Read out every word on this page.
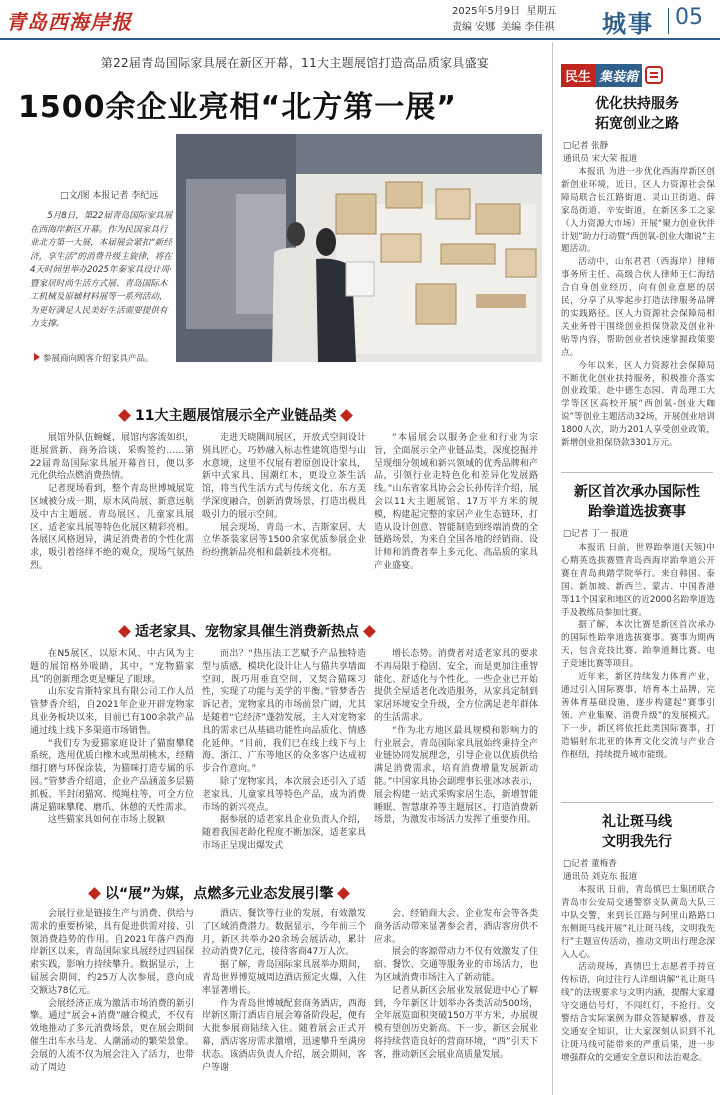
青岛西海岸报	2025年5月9日 星期五
责编 安娜 美编 李佳祺 城事 05
第22届青岛国际家具展在新区开幕，11大主题展馆打造高品质家具盛宴
1500余企业亮相“北方第一展”
□文/图 本报记者 李纪远
5月8日，第22届青岛国际家具展在西海岸新区开幕。作为民国家具行业北方第一大展，本届展会紧扣“新经济，享生活”的消费升级主旋律，将在4天时间里举办2025年秦家具设计周·暨家居时尚生活方式展、青岛国际木工机械及原辅材料展等一系列活动，为更好满足人民美好生活需要提供有力支撑。
参展商向顾客介绍家具产品。
11大主题展馆展示全产业链品类

展馆外队伍蜿蜒，展馆内客流如织，逛展赏新、商务洽谈、采购签约……第22届青岛国际家具展开幕首日，便以多元化供给点燃消费热情。

记者现场看到，整个青岛世博城展览区域被分成一期，原木风尚展、新意远航及中古主题展、青岛展区、儿童家具展区、适老家具展等特色化展区精彩亮相。各展区风格迥异，满足消费者的个性化需求，吸引着络绎不绝的观众，现场气氛热烈。

走进天晓隅间展区，开放式空间设计别具匠心，巧妙融入标志性建筑造型与山水意境，这里不仅展有着原创设计家具，新中式家具、国潮红木，更设立茶生活馆，将当代生活方式与传统文化、东方美学深度融合，创新消费场景，打造出极具吸引力的展示空间。

展会现场，青岛一木、吉斯家居、大立华茶装家居等1500余家优质参展企业纷纷携新品亮相和最新技术亮相。

“本届展会以服务企业和行业为宗旨，全面展示全产业链品类，深度挖掘并呈现细分领域和新兴领域的优秀品牌和产品，引领行业走特色化和差异化发展路线。”山东省家具协会会长孙传洋介绍，展会以11大主题展馆、17万平方米的规模，构建起完整的家居产业生态链环，打造从设计创意、智能制造到终端消费的全链路场景，为来自全国各地的经销商、设计师和消费者奉上多元化、高品质的家具产业盛宴。

适老家具、宠物家具催生消费新热点

在N5展区，以原木风、中古风为主题的展馆格外吸睛，其中，“宠物猫家具”的创新理念更是赚足了眼球。

山东安肯斯特家具有限公司工作人员管梦香介绍，自2021年企业开辟宠物家具业务板块以来，目前已有100余款产品通过线上线下多渠道市场销售。

“我们专为爱猫家庭设计了猫窗攀爬系统，选用优质白橡木或黑胡桃木，经精细打磨与环保涂装，为猫咪打造专属的乐园。”管梦香介绍道，企业产品涵盖多层猫抓板、半封闭猫窝、缆绳柱等，可全方位满足猫咪攀爬、磨爪、休憩的天性需求。

这些猫家具如何在市场上脱颖

而出？“热压法工艺赋予产品独特造型与质感，模块化设计让人与猫共享墙面空间，既巧用垂直空间，又契合猫咪习性，实现了功能与美学的平衡。”管梦香告诉记者，宠物家具的市场前景广阔，尤其是随着“它经济”蓬勃发展，主人对宠物家具的需求已从基础功能性向品质化、情感化延伸。“目前，我们已在线上线下与上海、浙江、广东等地区的众多客户达成初步合作意向。”

除了宠物家具，本次展会还引入了适老家具、儿童家具等特色产品，成为消费市场的新兴亮点。

据参展的适老家具企业负责人介绍，随着我国老龄化程度不断加深，适老家具市场正呈现出爆发式

增长态势。消费者对适老家具的要求不再局限于稳固、安全，而是更加注重智能化、舒适化与个性化。一些企业已开始提供全屋适老化改造服务，从家具定制到家居环境安全升级，全方位满足老年群体的生活需求。

“作为北方地区最具规模和影响力的行业展会，青岛国际家具展始终秉持全产业链协同发展理念，引导企业以优质供给满足消费需求，培育消费增量发展新动能。”中国家具协会副理事长张冰冰表示，展会构建一站式采购家居生态，新增智能睡眠、智慧康养等主题展区，打造消费新场景，为激发市场活力发挥了重要作用。

以“展”为媒，点燃多元业态发展引擎

会展行业是链接生产与消费、供给与需求的重要桥梁，具有促进供需对接、引领消费趋势的作用。自2021年落户西海岸新区以来，青岛国际家具展经过四届探索实践，影响力持续攀升。数据显示，上届展会期间，约25万人次参展，意向成交额达78亿元。

会展经济正成为激活市场消费的新引擎。通过“展会+消费”融合模式，不仅有效地推动了多元消费场景，更在展会期间催生出车水马龙、人潮涌动的繁荣景象。会展的人流不仅为展会注入了活力，也带动了周边

酒店、餐饮等行业的发展，有效激发了区域消费潜力。数据显示，今年前三个月，新区共举办20余场会展活动，累计拉动消费7亿元，接待客商47万人次。

据了解，青岛国际家具展举办期间，青岛世界博览城周边酒店预定火爆，入住率显著增长。

作为青岛世博城配套商务酒店，西海岸新区斯汀酒店自展会筹备阶段起，便有大批参展商陆续入住。随着展会正式开幕，酒店客房需求激增，迅速攀升至满房状态。该酒店负责人介绍，展会期间，客户等谢

会、经销商大会、企业发布会等各类商务活动带来显著参会者，酒店客房供不应求。

展会的客源带动力不仅有效激发了住宿、餐饮、交通等服务业的市场活力，也为区域消费市场注入了新动能。

记者从新区会展业发展促进中心了解到，今年新区计划举办各类活动500场，全年展览面积突破150万平方米，办展规模有望创历史新高。下一步，新区会展业将持续营造良好的营商环境，“西”引天下客，推动新区会展业高质量发展。

民生 集装箱
优化扶持服务
拓宽创业之路
□记者 张静
通讯员 宋大荣 报道

本报讯 为进一步优化西海岸新区创新创业环境，近日，区人力资源社会保障局联合长江路街道、灵山卫街道、薛家岛街道、辛安街道，在新区多工之家（人力资源大市场）开展“聚力创业伙伴计划”助力行动暨“西创氧-创业大咖说”主题活动。

活动中，山东君君（西海岸）律师事务所主任、高级合伙人律师王仁海结合自身创业经历，向有创业意愿的居民，分享了从零起步打造法律服务品牌的实践路径。区人力资源社会保障局相关业务骨干围绕创业担保贷款及创业补贴等内容，帮助创业者快速掌握政策要点。

今年以来，区人力资源社会保障局不断优化创业扶持服务，积极推介落实创业政策。赴中德生态园、青岛理工大学等区区高校开展“西创氧-创业大咖说”等创业主题活动32场，开展创业培训1800人次，助力201人享受创业政策，新增创业担保贷款3301万元。

新区首次承办国际性
跆拳道选拔赛事
□记者 丁一 报道

本报讯 日前，世界跆拳道(天领)中心精英选拔赛暨青岛西海岸跆拳道公开赛在青岛典踏学院举行。来自韩国、泰国、新加坡、新西兰、蒙古、中国香港等11个国家和地区的近2000名跆拳道选手及教练员参加比赛。

据了解，本次比赛是新区首次承办的国际性跆拳道选拔赛事。赛事为期两天，包含竞技比赛、跆拳道舞比赛、电子竞速比赛等项目。

近年来，新区持续发力体育产业，通过引入国际赛事，培育本土品牌，完善体育基础设施，逐步构建起“赛事引领、产业集聚、消费升级”的发展模式。下一步，新区将依托此类国际赛事，打造辐射东北亚的体育文化交流与产业合作枢纽，持续提升城市能级。

礼让斑马线
文明我先行
□记者 董梅香
通讯员 刘克东 报道

本报讯 日前，青岛慎巴士集团联合青岛市公安局交通警察支队黄岛大队三中队交警，来到长江路与阿里山路路口东侧斑马线开展“礼让斑马线，文明我先行”主题宣传活动，推动文明出行理念深入人心。

活动现场，真情巴士志愿者手持宣传标语，向过往行人详细讲解“礼让斑马线”的法规要求与文明内涵，提醒大家遵守交通信号灯，不闯红灯，不抢行。交警结合实际案例为群众答疑解惑，普及交通安全知识，让大家深刻认识到不礼让斑马线可能带来的严重后果，进一步增强群众的交通安全意识和法治观念。
